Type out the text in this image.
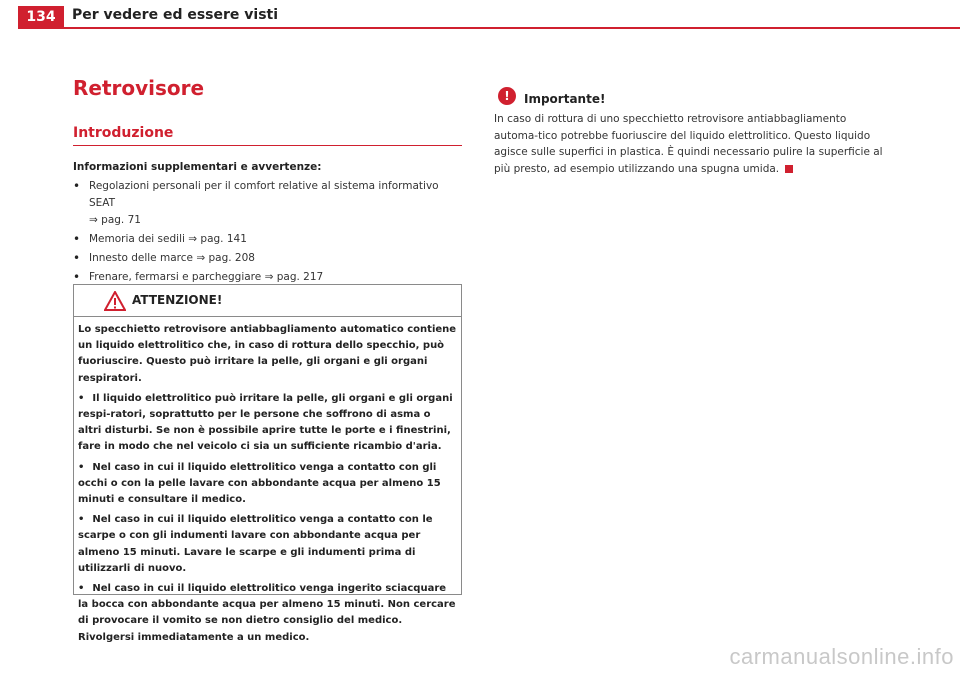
134	Per vedere ed essere visti
Retrovisore
Introduzione
Informazioni supplementari e avvertenze:
• Regolazioni personali per il comfort relative al sistema informativo SEAT
⇒ pag. 71
• Memoria dei sedili ⇒ pag. 141
• Innesto delle marce ⇒ pag. 208
• Frenare, fermarsi e parcheggiare ⇒ pag. 217
ATTENZIONE!

Lo specchietto retrovisore antiabbagliamento automatico contiene un liquido elettrolitico che, in caso di rottura dello specchio, può fuoriuscire. Questo può irritare la pelle, gli organi e gli organi respiratori.

• Il liquido elettrolitico può irritare la pelle, gli organi e gli organi respi-ratori, soprattutto per le persone che soffrono di asma o altri disturbi. Se non è possibile aprire tutte le porte e i finestrini, fare in modo che nel veicolo ci sia un sufficiente ricambio d'aria.
• Nel caso in cui il liquido elettrolitico venga a contatto con gli occhi o con la pelle lavare con abbondante acqua per almeno 15 minuti e consultare il medico.
• Nel caso in cui il liquido elettrolitico venga a contatto con le scarpe o con gli indumenti lavare con abbondante acqua per almeno 15 minuti. Lavare le scarpe e gli indumenti prima di utilizzarli di nuovo.
• Nel caso in cui il liquido elettrolitico venga ingerito sciacquare la bocca con abbondante acqua per almeno 15 minuti. Non cercare di provocare il vomito se non dietro consiglio del medico. Rivolgersi immediatamente a un medico.
!	Importante!
In caso di rottura di uno specchietto retrovisore antiabbagliamento automa-tico potrebbe fuoriuscire del liquido elettrolitico. Questo liquido agisce sulle superfici in plastica. È quindi necessario pulire la superficie al più presto, ad esempio utilizzando una spugna umida.
carmanualsonline.info
